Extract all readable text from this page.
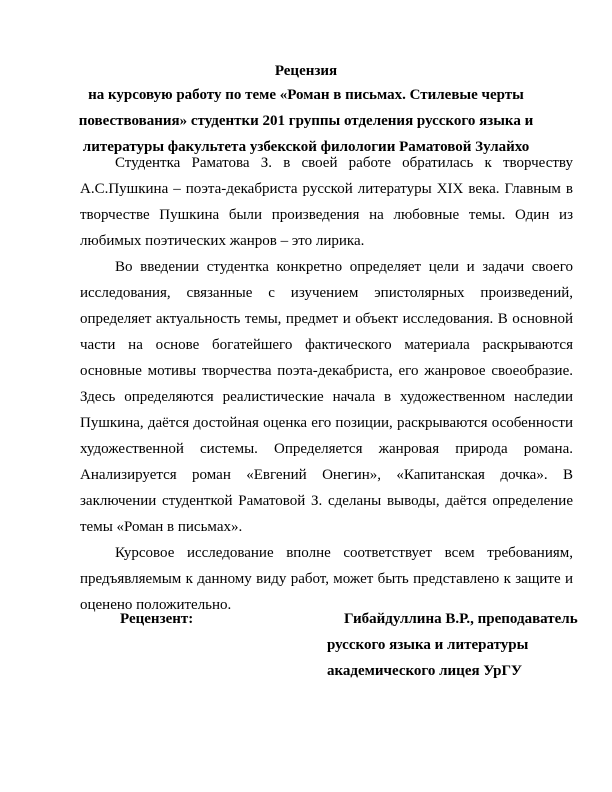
Рецензия
на курсовую работу по теме «Роман в письмах. Стилевые черты повествования» студентки 201 группы отделения русского языка и литературы факультета узбекской филологии Раматовой Зулайхо

Студентка Раматова З. в своей работе обратилась к творчеству А.С.Пушкина – поэта-декабриста русской литературы XIX века. Главным в творчестве Пушкина были произведения на любовные темы. Один из любимых поэтических жанров – это лирика.

Во введении студентка конкретно определяет цели и задачи своего исследования, связанные с изучением эпистолярных произведений, определяет актуальность темы, предмет и объект исследования. В основной части на основе богатейшего фактического материала раскрываются основные мотивы творчества поэта-декабриста, его жанровое своеобразие. Здесь определяются реалистические начала в художественном наследии Пушкина, даётся достойная оценка его позиции, раскрываются особенности художественной системы. Определяется жанровая природа романа. Анализируется роман «Евгений Онегин», «Капитанская дочка». В заключении студенткой Раматовой З. сделаны выводы, даётся определение темы «Роман в письмах».

Курсовое исследование вполне соответствует всем требованиям, предъявляемым к данному виду работ, может быть представлено к защите и оценено положительно.

Рецензент:	Гибайдуллина В.Р., преподаватель
русского языка и литературы
академического лицея УрГУ
